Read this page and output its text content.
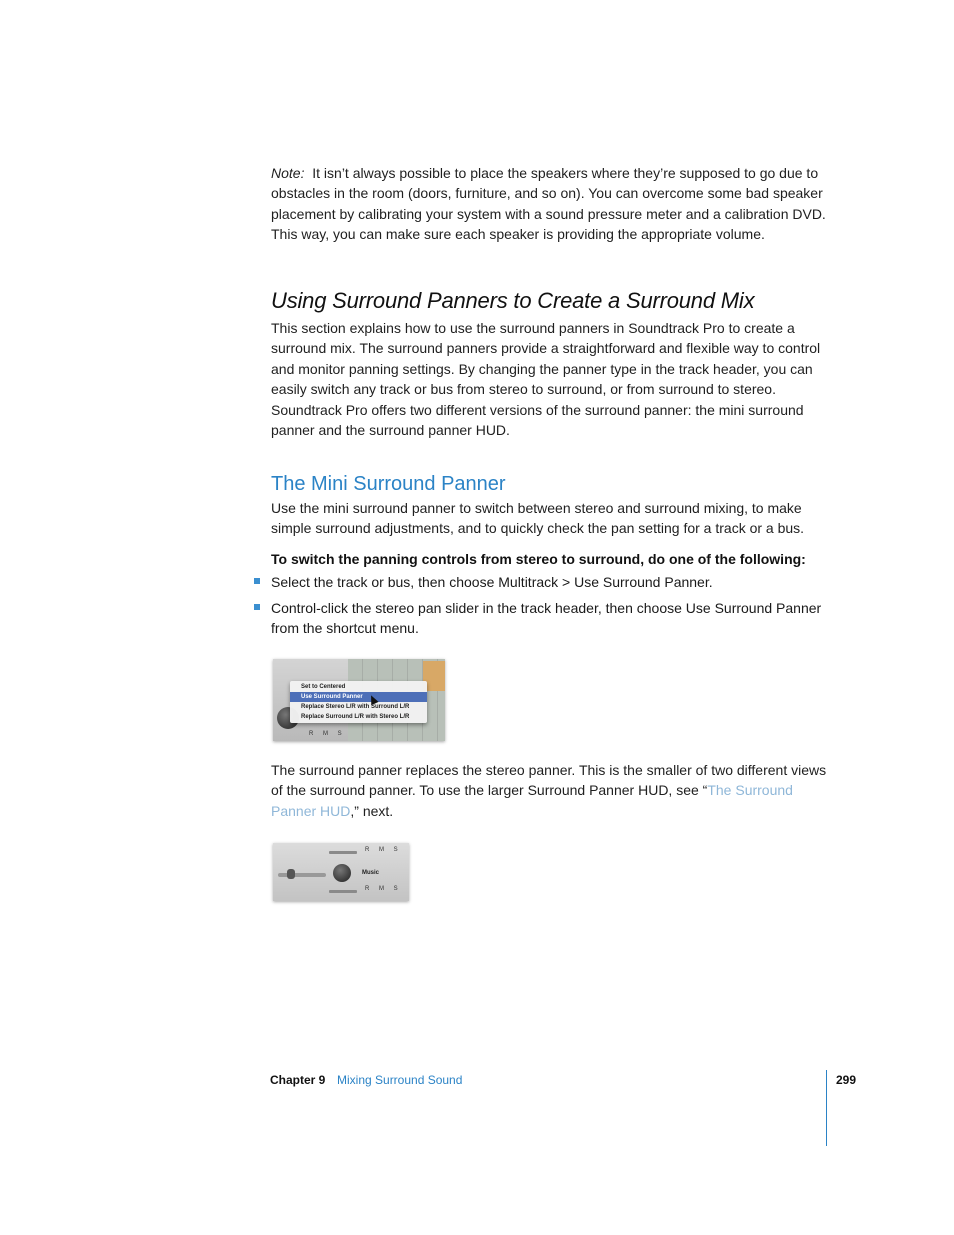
Note: It isn’t always possible to place the speakers where they’re supposed to go due to obstacles in the room (doors, furniture, and so on). You can overcome some bad speaker placement by calibrating your system with a sound pressure meter and a calibration DVD. This way, you can make sure each speaker is providing the appropriate volume.

Using Surround Panners to Create a Surround Mix

This section explains how to use the surround panners in Soundtrack Pro to create a surround mix. The surround panners provide a straightforward and flexible way to control and monitor panning settings. By changing the panner type in the track header, you can easily switch any track or bus from stereo to surround, or from surround to stereo. Soundtrack Pro offers two different versions of the surround panner: the mini surround panner and the surround panner HUD.

The Mini Surround Panner

Use the mini surround panner to switch between stereo and surround mixing, to make simple surround adjustments, and to quickly check the pan setting for a track or a bus.

To switch the panning controls from stereo to surround, do one of the following:

Select the track or bus, then choose Multitrack > Use Surround Panner.

Control-click the stereo pan slider in the track header, then choose Use Surround Panner from the shortcut menu.

Set to Centered
Use Surround Panner
Replace Stereo L/R with Surround L/R
Replace Surround L/R with Stereo L/R
R M S

The surround panner replaces the stereo panner. This is the smaller of two different views of the surround panner. To use the larger Surround Panner HUD, see “The Surround Panner HUD,” next.

R M S
Music
R M S
Chapter 9 Mixing Surround Sound	299
